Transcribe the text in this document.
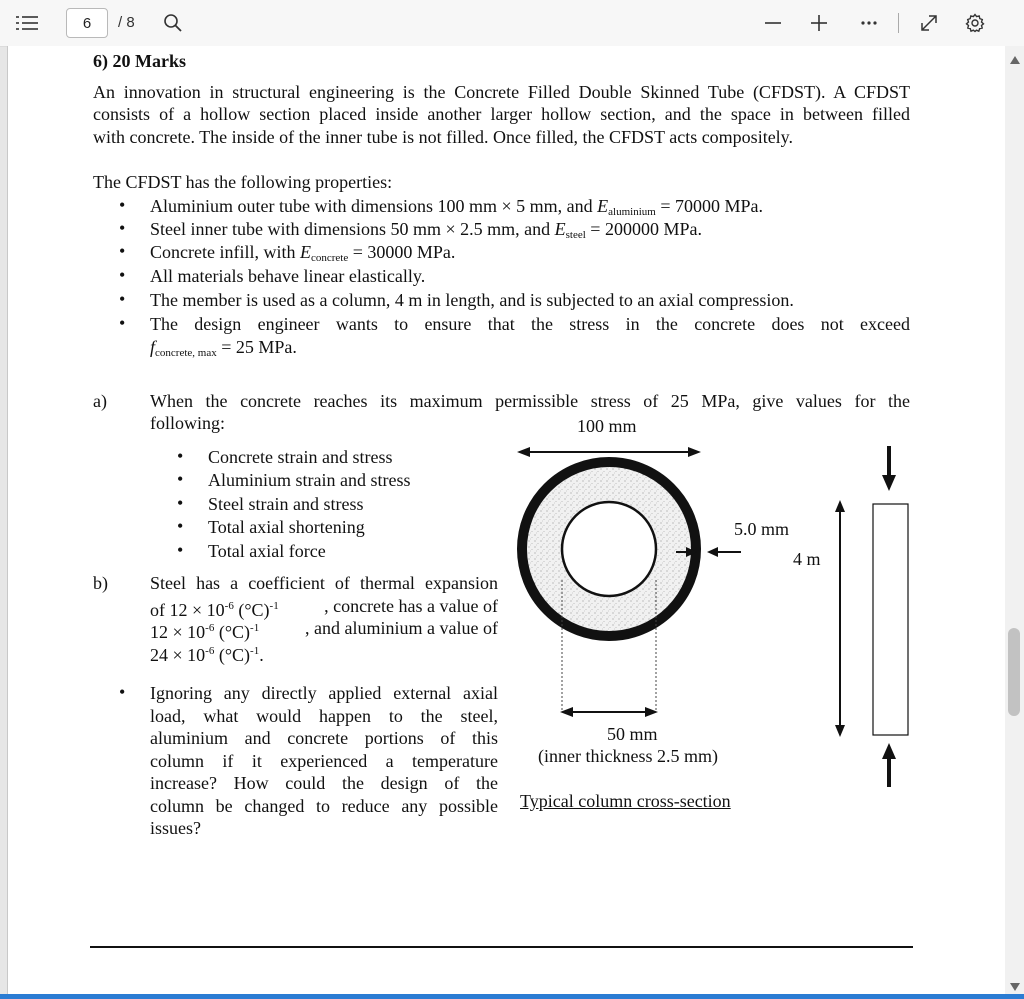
6	/ 8
6) 20 Marks
An innovation in structural engineering is the Concrete Filled Double Skinned Tube (CFDST). A CFDST
consists of a hollow section placed inside another larger hollow section, and the space in between filled
with concrete. The inside of the inner tube is not filled. Once filled, the CFDST acts compositely.
The CFDST has the following properties:
• Aluminium outer tube with dimensions 100 mm × 5 mm, and $E_{aluminium} = 70000$ MPa.
• Steel inner tube with dimensions 50 mm × 2.5 mm, and $E_{steel} = 200000$ MPa.
• Concrete infill, with $E_{concrete} = 30000$ MPa.
• All materials behave linear elastically.
• The member is used as a column, 4 m in length, and is subjected to an axial compression.
• The design engineer wants to ensure that the stress in the concrete does not exceed
$f_{concrete, max} = 25$ MPa.
a) When the concrete reaches its maximum permissible stress of 25 MPa, give values for the
following:
• Concrete strain and stress
• Aluminium strain and stress
• Steel strain and stress
• Total axial shortening
• Total axial force
b) Steel has a coefficient of thermal expansion
of $12 \times 10^{-6}$ $(^\circ C)^{-1}$	, concrete has a value of
$12 \times 10^{-6}$ $(^\circ C)^{-1}$	, and aluminium a value of
$24 \times 10^{-6}$ $(^\circ C)^{-1}$.
• Ignoring any directly applied external axial
load, what would happen to the steel,
aluminium and concrete portions of this
column if it experienced a temperature
increase? How could the design of the
column be changed to reduce any possible
issues?
100 mm
5.0 mm
4 m
50 mm
(inner thickness 2.5 mm)
Typical column cross-section
